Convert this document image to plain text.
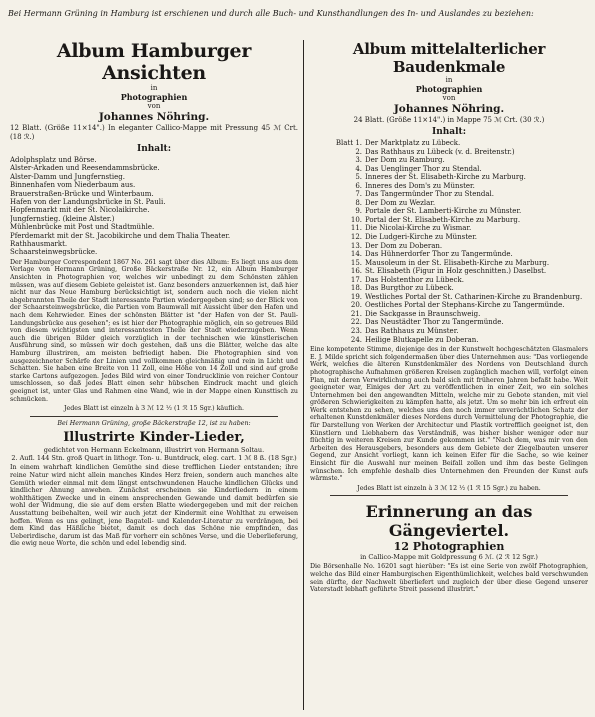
Bei Hermann Grüning in Hamburg ist erschienen und durch alle Buch- und Kunsthandlungen des In- und Auslandes zu beziehen:
Album Hamburger Ansichten
in
Photographien
von
Johannes Nöhring.
12 Blatt. (Größe 11×14".) In eleganter Callico-Mappe mit Pressung 45 ℳ Crt. (18 ℛ.)
Inhalt:
Adolphsplatz und Börse.
Alster-Arkaden und Reesendammsbrücke.
Alster-Damm und Jungfernstieg.
Binnenhafen vom Niederbaum aus.
Brauerstraßen-Brücke und Winterbaum.
Hafen von der Landungsbrücke in St. Pauli.
Hopfenmarkt mit der St. Nicolaikirche.
Jungfernstieg. (kleine Alster.)
Mühlenbrücke mit Post und Stadtmühle.
Pferdemarkt mit der St. Jacobikirche und dem Thalia Theater.
Rathhausmarkt.
Schaarsteinwegsbrücke.
Der Hamburger Correspondent 1867 No. 261 sagt über dies Album: Es liegt uns aus dem Verlage von Hermann Grüning, Große Bäckerstraße Nr. 12, ein Album Hamburger Ansichten in Photographien vor, welches wir unbedingt zu dem Schönsten zählen müssen, was auf diesem Gebiete geleistet ist. Ganz besonders anzuerkennen ist, daß hier nicht nur das Neue Hamburg berücksichtigt ist, sondern auch noch die vielen nicht abgebrannten Theile der Stadt interessante Partien wiedergegeben sind; so der Blick von der Schaarsteinwegsbrücke, die Partien vom Baumwall mit Aussicht über den Hafen und nach dem Kehrwieder. Eines der schönsten Blätter ist "der Hafen von der St. Pauli-Landungsbrücke aus gesehen"; es ist hier der Photographie möglich, ein so getreues Bild von diesem wichtigsten und interessantesten Theile der Stadt wiederzugeben. Wenn auch die übrigen Bilder gleich vorzüglich in der technischen wie künstlerischen Ausführung sind, so müssen wir doch gestehen, daß uns die Blätter, welche das alte Hamburg illustriren, am meisten befriedigt haben. Die Photographien sind von ausgezeichneter Schärfe der Linien und vollkommen gleichmäßig und rein in Licht und Schatten. Sie haben eine Breite von 11 Zoll, eine Höhe von 14 Zoll und sind auf große starke Cartons aufgezogen. Jedes Bild wird von einer Tondrucklinie von reicher Contour umschlossen, so daß jedes Blatt einen sehr hübschen Eindruck macht und gleich geeignet ist, unter Glas und Rahmen eine Wand, wie in der Mappe einen Kunsttisch zu schmücken.
Jedes Blatt ist einzeln à 3 ℳ 12 ½ (1 ℛ 15 Sgr.) käuflich.
Bei Hermann Grüning, große Bäckerstraße 12, ist zu haben:
Illustrirte Kinder-Lieder,
gedichtet von Hermann Eckelmann, illustrirt von Hermann Soltau.
2. Aufl. 144 Stn. groß Quart in lithogr. Ton- u. Buntdruck, eleg. cart. 1 ℳ 8 ß. (18 Sgr.)
In einem wahrhaft kindlichen Gemüthe sind diese trefflichen Lieder entstanden; ihre reine Natur wird nicht allein manches Kindes Herz freien, sondern auch manches alte Gemüth wieder einmal mit dem längst entschwundenen Hauche kindlichen Glücks und kindlicher Ahnung anwehen. Zunächst erscheinen sie Kinderliedern in einem wohlthätigen Zwecke und in einem ansprechenden Gewande und damit bedürfen sie wohl der Widmung, die sie auf dem ersten Blatte wiedergegeben und mit der reichen Ausstattung beibehalten, weil wir auch jetzt der Kindermit eine Wohlthat zu erweisen hoffen. Wenn es uns gelingt, jene Bagatell- und Kalender-Literatur zu verdrängen, bei dem Kind das Häßliche bietet, damit es doch das Schöne nie empfinden, das Ueberirdische, darum ist das Maß für vorherr ein schönes Verse, und die Ueberlieferung, die ewig neue Worte, die schön und edel lebendig sind.
Album mittelalterlicher Baudenkmale
in
Photographien
von
Johannes Nöhring.
24 Blatt. (Größe 11×14".) in Mappe 75 ℳ Crt. (30 ℛ.)
Inhalt:
Blatt 1. Der Marktplatz zu Lübeck.
2. Das Rathhaus zu Lübeck (v. d. Breitenstr.)
3. Der Dom zu Ramburg.
4. Das Uenglinger Thor zu Stendal.
5. Inneres der St. Elisabeth-Kirche zu Marburg.
6. Inneres des Dom's zu Münster.
7. Das Tangermünder Thor zu Stendal.
8. Der Dom zu Wezlar.
9. Portale der St. Lamberti-Kirche zu Münster.
10. Portal der St. Elisabeth-Kirche zu Marburg.
11. Die Nicolai-Kirche zu Wismar.
12. Die Ludgeri-Kirche zu Münster.
13. Der Dom zu Doberan.
14. Das Hühnerdorfer Thor zu Tangermünde.
15. Mausoleum in der St. Elisabeth-Kirche zu Marburg.
16. St. Elisabeth (Figur in Holz geschnitten.) Daselbst.
17. Das Holstenthor zu Lübeck.
18. Das Burgthor zu Lübeck.
19. Westliches Portal der St. Catharinen-Kirche zu Brandenburg.
20. Oestliches Portal der Stephans-Kirche zu Tangermünde.
21. Die Sackgasse in Braunschweig.
22. Das Neustädter Thor zu Tangermünde.
23. Das Rathhaus zu Münster.
24. Heilige Blutkapelle zu Doberan.
Eine kompetente Stimme, diejenige des in der Kunstwelt hochgeschätzten Glasmalers E. J. Milde spricht sich folgendermaßen über dies Unternehmen aus: "Das vorliegende Werk, welches die älteren Kunstdenkmäler des Nordens von Deutschland durch photographische Aufnahmen größeren Kreisen zugänglich machen will, verfolgt einen Plan, mit deren Verwirklichung auch bald sich mit früheren Jahren befaßt habe. Weit geeigneter war, Einiges der Art zu veröffentlichen in einer Zeit, wo ein solches Unternehmen bei den angewandten Mitteln, welche mir zu Gebote standen, mit viel größeren Schwierigkeiten zu kämpfen hatte, als jetzt. Um so mehr bin ich erfreut ein Werk entstehen zu sehen, welches uns den noch immer unverächtlichen Schatz der erhaltenen Kunstdenkmäler dieses Nordens durch Vermittelung der Photographie, die für Darstellung von Werken der Architectur und Plastik vortrefflich geeignet ist, den Künstlern und Liebhabern das Verständniß, was bisher bisher weniger oder nur flüchtig in weiteren Kreisen zur Kunde gekommen ist." "Nach dem, was mir von den Arbeiten des Herausgebers, besonders aus dem Gebiete der Ziegelbauten unserer Gegend, zur Ansicht vorliegt, kann ich keinen Eifer für die Sache, so wie keiner Einsicht für die Auswahl nur meinen Beifall zollen und ihm das beste Gelingen wünschen. Ich empfehle deshalb dies Unternehmen den Freunden der Kunst aufs wärmste."
Jedes Blatt ist einzeln à 3 ℳ 12 ½ (1 ℛ 15 Sgr.) zu haben.
Erinnerung an das Gängeviertel.
12 Photographien
in Callico-Mappe mit Goldpressung 6 ℳ. (2 ℛ 12 Sgr.)
Die Börsenhalle No. 16201 sagt hierüber: "Es ist eine Serie von zwölf Photographien, welche das Bild einer Hamburgischen Eigenthümlichkeit, welches bald verschwunden sein dürfte, der Nachwelt überliefert und zugleich der über diese Gegend unserer Vaterstadt lebhaft geführte Streit passend illustrirt."
